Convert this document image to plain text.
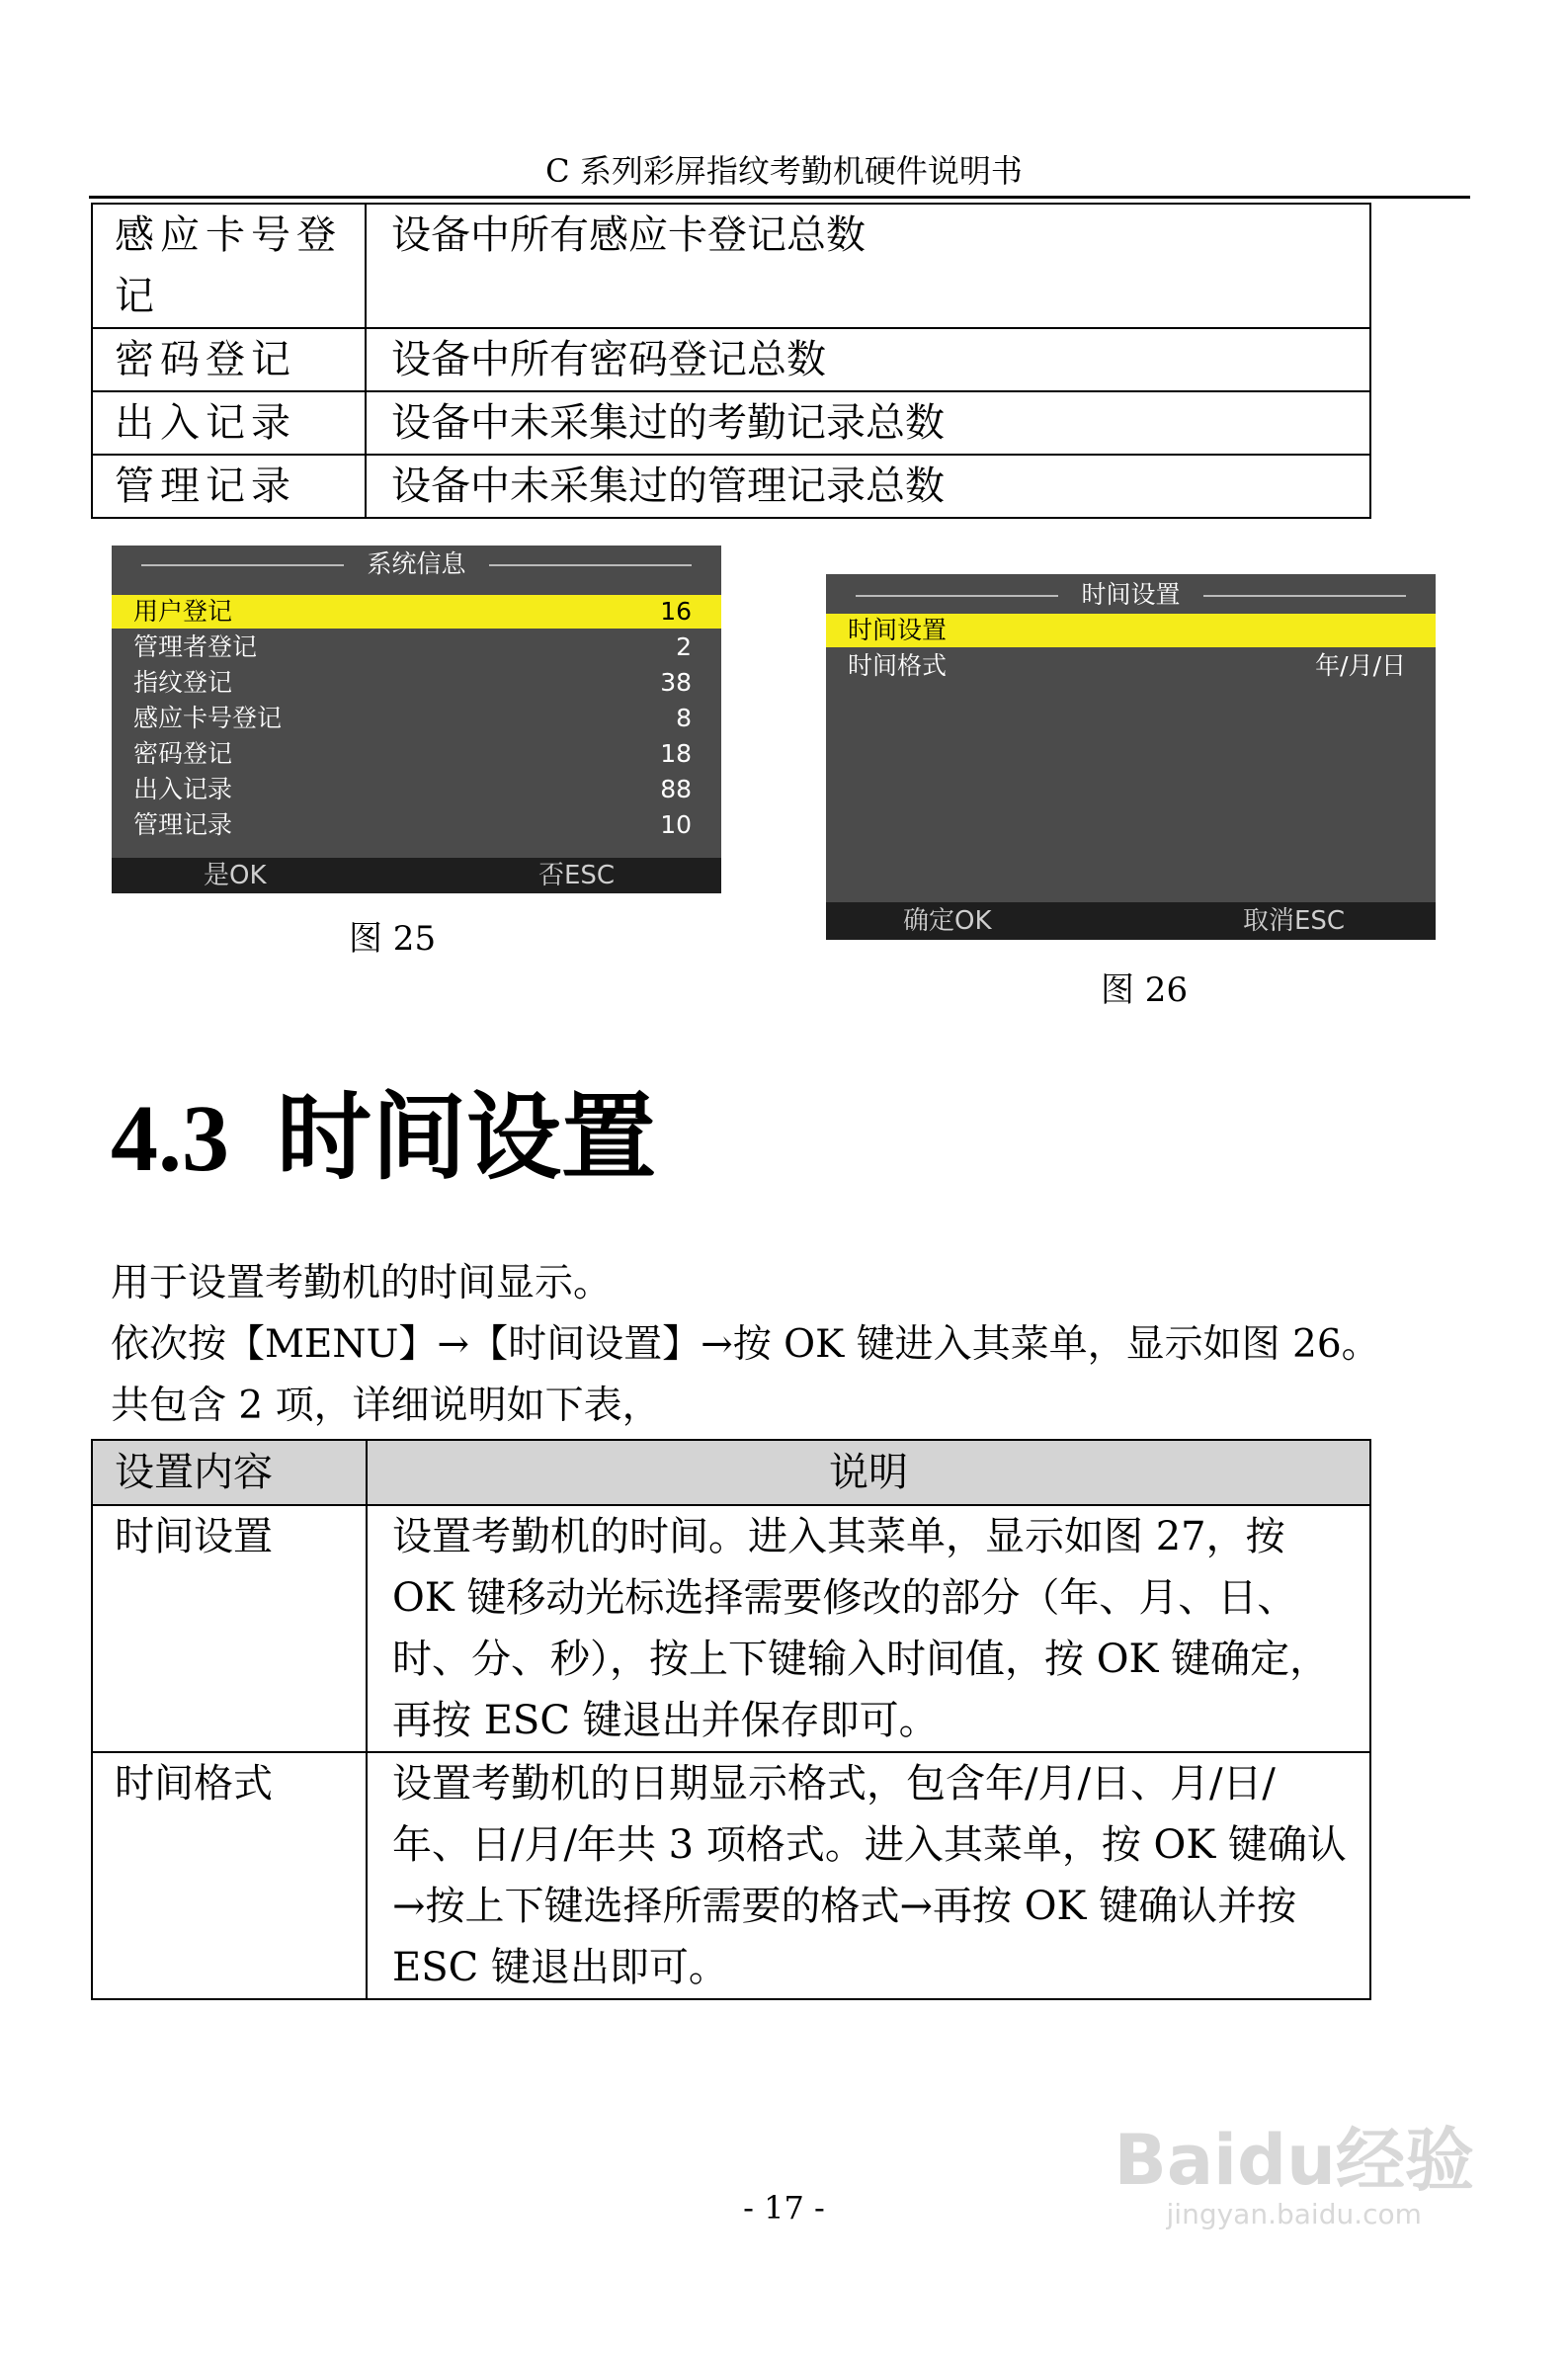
C 系列彩屏指纹考勤机硬件说明书
感应卡号登记	设备中所有感应卡登记总数
密码登记	设备中所有密码登记总数
出入记录	设备中未采集过的考勤记录总数
管理记录	设备中未采集过的管理记录总数
系统信息
用户登记	16
管理者登记	2
指纹登记	38
感应卡号登记	8
密码登记	18
出入记录	88
管理记录	10
是OK	否ESC
图 25
时间设置
时间设置
时间格式	年/月/日
确定OK	取消ESC
图 26
4.3  时间设置
用于设置考勤机的时间显示。
依次按【MENU】→【时间设置】→按 OK 键进入其菜单，显示如图 26。
共包含 2 项，详细说明如下表，
设置内容	说明
时间设置	设置考勤机的时间。进入其菜单，显示如图 27，按 OK 键移动光标选择需要修改的部分（年、月、日、时、分、秒），按上下键输入时间值，按 OK 键确定，再按 ESC 键退出并保存即可。
时间格式	设置考勤机的日期显示格式，包含年/月/日、月/日/年、日/月/年共 3 项格式。进入其菜单，按 OK 键确认→按上下键选择所需要的格式→再按 OK 键确认并按 ESC 键退出即可。
- 17 -
Baidu经验
jingyan.baidu.com
